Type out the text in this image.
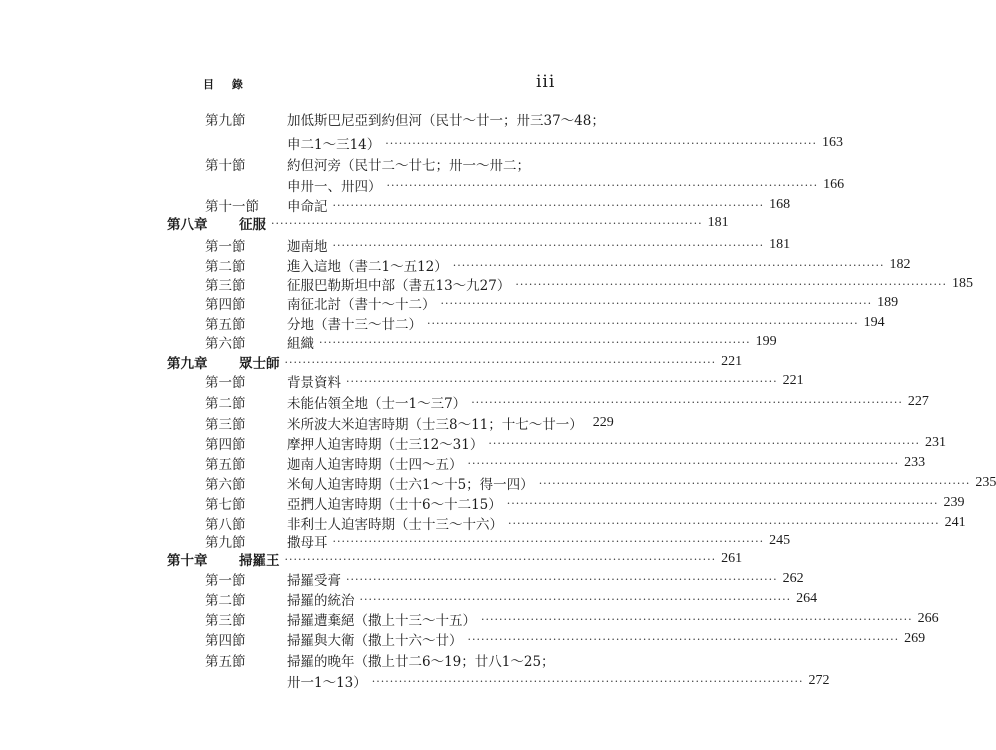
目 錄	iii
第九節	加低斯巴尼亞到約但河（民廿～廿一；卅三37～48；
申二1～三14） ································································································ 163
第十節	約但河旁（民廿二～廿七；卅一～卅二；
申卅一、卅四） ································································································ 166
第十一節	申命記 ································································································ 168
第八章	征服 ································································································ 181
第一節	迦南地 ································································································ 181
第二節	進入這地（書二1～五12） ································································································ 182
第三節	征服巴勒斯坦中部（書五13～九27） ································································································ 185
第四節	南征北討（書十～十二） ································································································ 189
第五節	分地（書十三～廿二） ································································································ 194
第六節	組織 ································································································ 199
第九章	眾士師 ································································································ 221
第一節	背景資料 ································································································ 221
第二節	未能佔領全地（士一1～三7） ································································································ 227
第三節	米所波大米迫害時期（士三8～11；十七～廿一） 229
第四節	摩押人迫害時期（士三12～31） ································································································ 231
第五節	迦南人迫害時期（士四～五） ································································································ 233
第六節	米甸人迫害時期（士六1～十5；得一四） ································································································ 235
第七節	亞捫人迫害時期（士十6～十二15） ································································································ 239
第八節	非利士人迫害時期（士十三～十六） ································································································ 241
第九節	撒母耳 ································································································ 245
第十章	掃羅王 ································································································ 261
第一節	掃羅受膏 ································································································ 262
第二節	掃羅的統治 ································································································ 264
第三節	掃羅遭棄絕（撒上十三～十五） ································································································ 266
第四節	掃羅與大衛（撒上十六～廿） ································································································ 269
第五節	掃羅的晚年（撒上廿二6～19；廿八1～25；
卅一1～13） ································································································ 272
